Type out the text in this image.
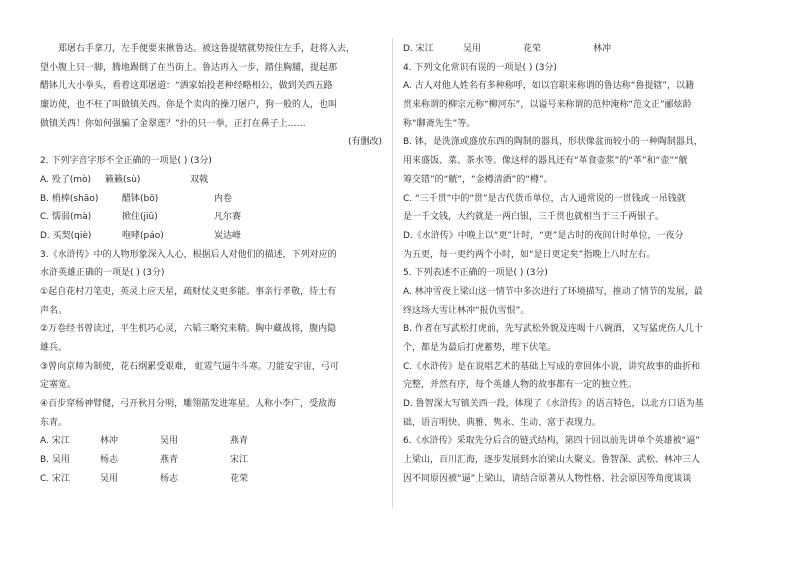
郑屠右手拿刀，左手便要来揪鲁达。被这鲁提辖就势按住左手，赶将入去，
望小腹上只一脚，腾地踢倒了在当街上。鲁达再入一步，踏住胸脯，提起那
醋钵儿大小拳头，看着这郑屠道：“洒家始投老种经略相公，做到关西五路
廉访使，也不枉了叫做镇关西。你是个卖肉的操刀屠户，狗一般的人，也叫
做镇关西！你如何强骗了金翠莲？”扑的只一拳，正打在鼻子上……
(有删改)
2. 下列字音字形不全正确的一项是( ) (3分)
A. 殁了(mò)	籁籁(sù)	双戟
B. 梢棒(shāo)	醋钵(bō)	内卷
C. 懦弱(mà)	掀住(jiū)	凡尔赛
D. 买契(qiè)	咆哮(páo)	炭达峰
3.《水浒传》中的人物形象深入人心，根据后人对他们的描述，下列对应的
水浒英雄正确的一项是( ) (3分)
①起自花村刀笔吏，英灵上应天星，疏财仗义更多能。事亲行孝敬，待士有
声名。
②万卷经书曾读过，平生机巧心灵，六韬三略究来精。胸中藏战将，腹内隐
雄兵。
③曾向京师为制使，花石纲累受艰难， 虹霓气逼牛斗寒。刀能安宇宙，弓可
定塞宽。
④百步穿杨神臂健，弓开秋月分明，雕翎箭发进寒星。人称小李广，受敌海
东青。
A. 宋江	林冲	吴用	燕青
B. 吴用	杨志	燕青	宋江
C. 宋江	吴用	杨志	花荣
D. 宋江	吴用	花荣	林冲
4. 下列文化常识有误的一项是( ) (3分)
A. 古人对他人姓名有多种称呼，如以官职来称谓的鲁达称“鲁提辖”，以籍
贯来称谓的柳宗元称“柳河东”，以谥号来称谓的范仲淹称“范文正”郦炫龄
称“聊斋先生”等。
B. 钵，是洗涤或盛放东西的陶制的器具，形状像盆而较小的一种陶制器具，
用来盛饭、菜、茶水等。像这样的器具还有“革食壶浆”的“革”和“壶”“觥
筹交错”的“觥”，“金樽清酒”的“樽”。
C. “三千贯”中的“贯”是古代货币单位，古人通常说的一贯钱或一吊钱就
是一千文钱，大约就是一两白银，三千贯也就相当于三千两银子。
D.《水浒传》中晚上以“更”计时，“更”是古时的夜间计时单位，一夜分
为五更，每一更约两个小时，如“是日更定矣”指晚上八时左右。
5. 下列表述不正确的一项是( ) (3分)
A. 林冲雪夜上梁山这一情节中多次进行了环境描写，推动了情节的发展，最
终这场大雪让林冲“报仇雪恨”。
B. 作者在写武松打虎前，先写武松外貌及连喝十八碗酒，又写猛虎伤人几十
个，都是为最后打虎蓄势，埋下伏笔。
C.《水浒传》是在说唱艺术的基础上写成的章回体小说，讲究故事的曲折和
完整，并然有序，每个英雄人物的故事都有一定的独立性。
D. 鲁智深大写镇关西一段，体现了《水浒传》的语言特色，以北方口语为基
础，语言明快、典雅、隽永、生动、富于表现力。
6.《水浒传》采取先分后合的链式结构，第四十回以前先讲单个英雄被“逼”
上梁山，百川汇海，逐步发展到水泊梁山大聚义。鲁智深、武松、林冲三人
因不同原因被“逼”上梁山，请结合原著从人物性格、社会原因等角度谈谈
